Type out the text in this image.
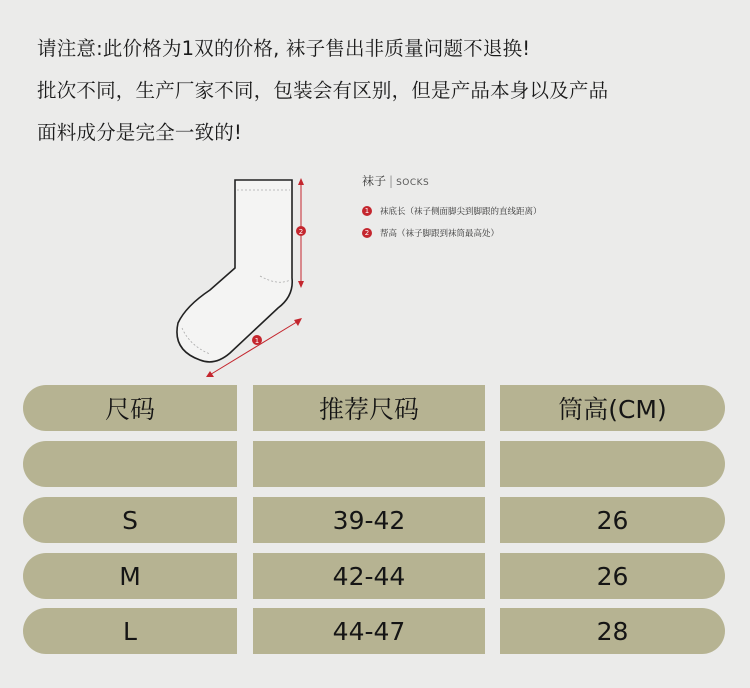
请注意:此价格为1双的价格, 袜子售出非质量问题不退换!
批次不同，生产厂家不同，包装会有区别，但是产品本身以及产品
面料成分是完全一致的!
2
1
袜子 | SOCKS
1	袜底长（袜子侧面脚尖到脚跟的直线距离）
2	帮高（袜子脚跟到袜筒最高处）
尺码	推荐尺码	筒高(CM)
S	39-42	26
M	42-44	26
L	44-47	28
